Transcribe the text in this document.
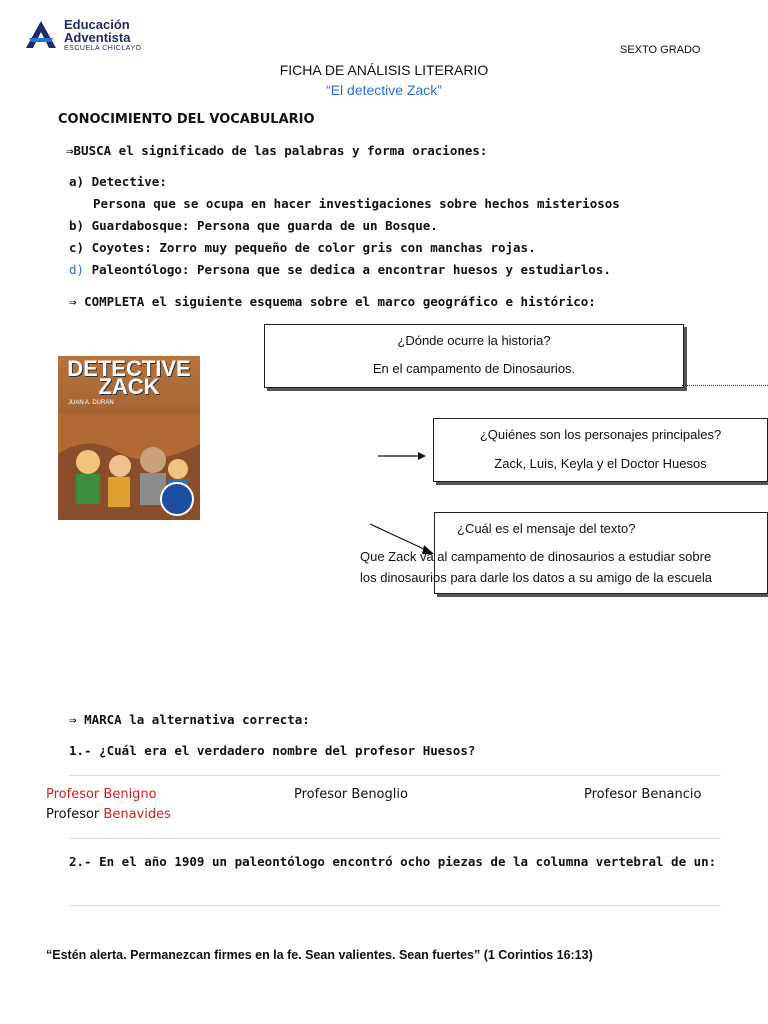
Educación
Adventista
ESCUELA CHICLAYO	SEXTO GRADO
FICHA DE ANÁLISIS LITERARIO
“El detective Zack”
CONOCIMIENTO DEL VOCABULARIO
⇒BUSCA el significado de las palabras y forma oraciones:
a) Detective:
Persona que se ocupa en hacer investigaciones sobre hechos misteriosos
b) Guardabosque: Persona que guarda de un Bosque.
c) Coyotes: Zorro muy pequeño de color gris con manchas rojas.
d) Paleontólogo: Persona que se dedica a encontrar huesos y estudiarlos.
⇒ COMPLETA el siguiente esquema sobre el marco geográfico e histórico:
DETECTIVE ZACK
JUAN A. DURAN
¿Dónde ocurre la historia?
En el campamento de Dinosaurios.
¿Quiénes son los personajes principales?
Zack, Luis, Keyla y el Doctor Huesos
¿Cuál es el mensaje del texto?
Que Zack va al campamento de dinosaurios a estudiar sobre
los dinosaurios para darle los datos a su amigo de la escuela
⇒ MARCA la alternativa correcta:
1.- ¿Cuál era el verdadero nombre del profesor Huesos?
Profesor Benigno	Profesor Benoglio	Profesor Benancio
Profesor Benavides
2.- En el año 1909 un paleontólogo encontró ocho piezas de la columna vertebral de un:
“Estén alerta. Permanezcan firmes en la fe. Sean valientes. Sean fuertes” (1 Corintios 16:13)
